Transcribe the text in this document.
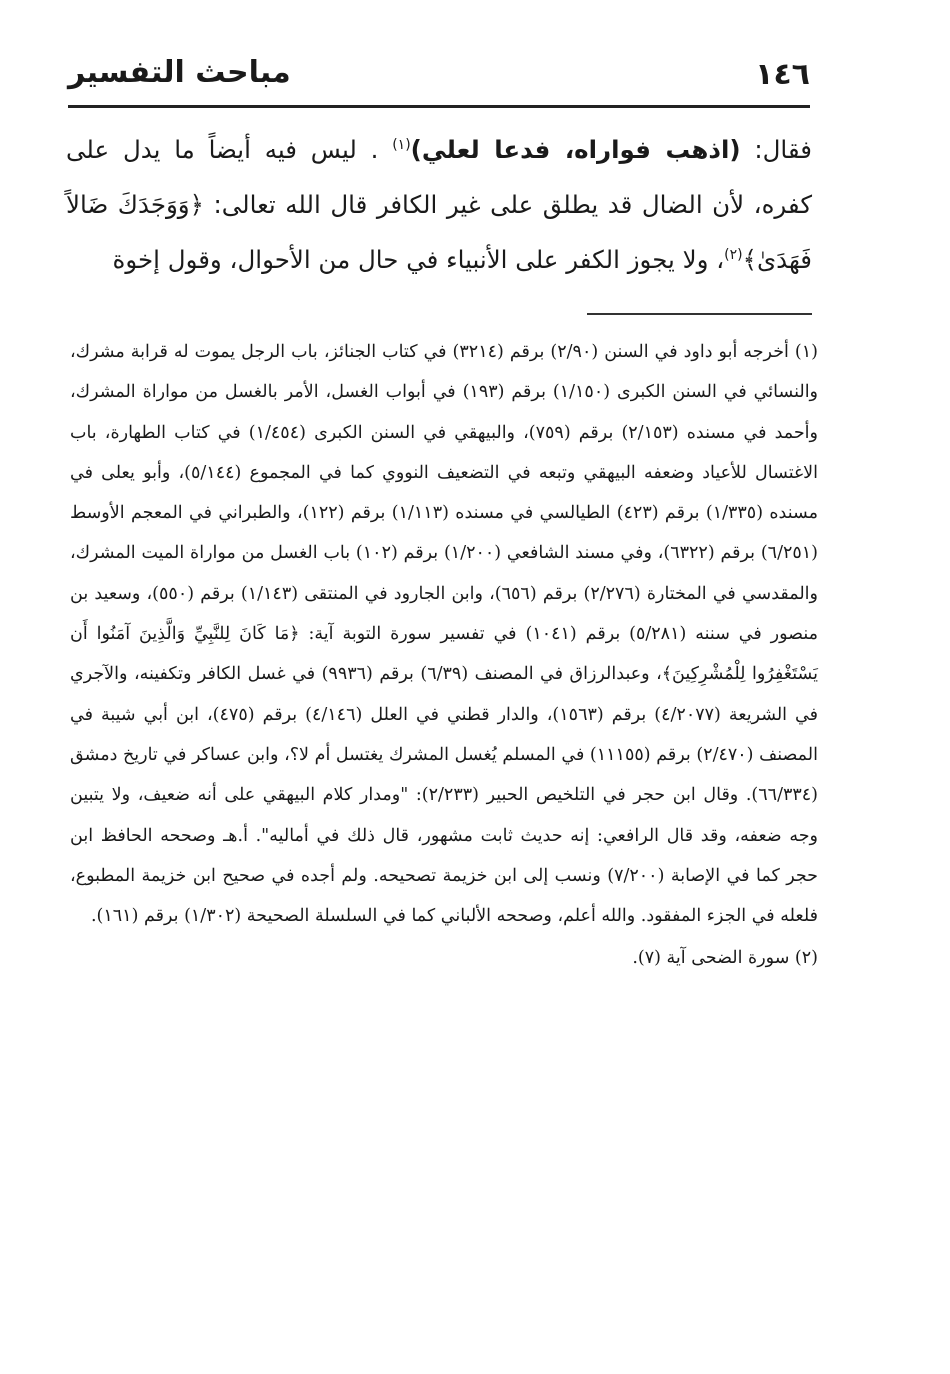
١٤٦
مباحث التفسير
فقال: (اذهب فواراه، فدعا لعلي)$^{(١)}$ . ليس فيه أيضاً ما يدل على كفره، لأن الضال قد يطلق على غير الكافر قال الله تعالى: ﴿وَوَجَدَكَ ضَالاً فَهَدَىٰ﴾$^{(٢)}$، ولا يجوز الكفر على الأنبياء في حال من الأحوال، وقول إخوة

(١) أخرجه أبو داود في السنن (٢/٩٠) برقم (٣٢١٤) في كتاب الجنائز، باب الرجل يموت له قرابة مشرك، والنسائي في السنن الكبرى (١/١٥٠) برقم (١٩٣) في أبواب الغسل، الأمر بالغسل من مواراة المشرك، وأحمد في مسنده (٢/١٥٣) برقم (٧٥٩)، والبيهقي في السنن الكبرى (١/٤٥٤) في كتاب الطهارة، باب الاغتسال للأعياد وضعفه البيهقي وتبعه في التضعيف النووي كما في المجموع (٥/١٤٤)، وأبو يعلى في مسنده (١/٣٣٥) برقم (٤٢٣) الطيالسي في مسنده (١/١١٣) برقم (١٢٢)، والطبراني في المعجم الأوسط (٦/٢٥١) برقم (٦٣٢٢)، وفي مسند الشافعي (١/٢٠٠) برقم (١٠٢) باب الغسل من مواراة الميت المشرك، والمقدسي في المختارة (٢/٢٧٦) برقم (٦٥٦)، وابن الجارود في المنتقى (١/١٤٣) برقم (٥٥٠)، وسعيد بن منصور في سننه (٥/٢٨١) برقم (١٠٤١) في تفسير سورة التوبة آية: ﴿مَا كَانَ لِلنَّبِيِّ وَالَّذِينَ آمَنُوا أَن يَسْتَغْفِرُوا لِلْمُشْرِكِينَ﴾، وعبدالرزاق في المصنف (٦/٣٩) برقم (٩٩٣٦) في غسل الكافر وتكفينه، والآجري في الشريعة (٤/٢٠٧٧) برقم (١٥٦٣)، والدار قطني في العلل (٤/١٤٦) برقم (٤٧٥)، ابن أبي شيبة في المصنف (٢/٤٧٠) برقم (١١١٥٥) في المسلم يُغسل المشرك يغتسل أم لا؟، وابن عساكر في تاريخ دمشق (٦٦/٣٣٤). وقال ابن حجر في التلخيص الحبير (٢/٢٣٣): "ومدار كلام البيهقي على أنه ضعيف، ولا يتبين وجه ضعفه، وقد قال الرافعي: إنه حديث ثابت مشهور، قال ذلك في أماليه". أ.هـ وصححه الحافظ ابن حجر كما في الإصابة (٧/٢٠٠) ونسب إلى ابن خزيمة تصحيحه. ولم أجده في صحيح ابن خزيمة المطبوع، فلعله في الجزء المفقود. والله أعلم، وصححه الألباني كما في السلسلة الصحيحة (١/٣٠٢) برقم (١٦١).

(٢) سورة الضحى آية (٧).
